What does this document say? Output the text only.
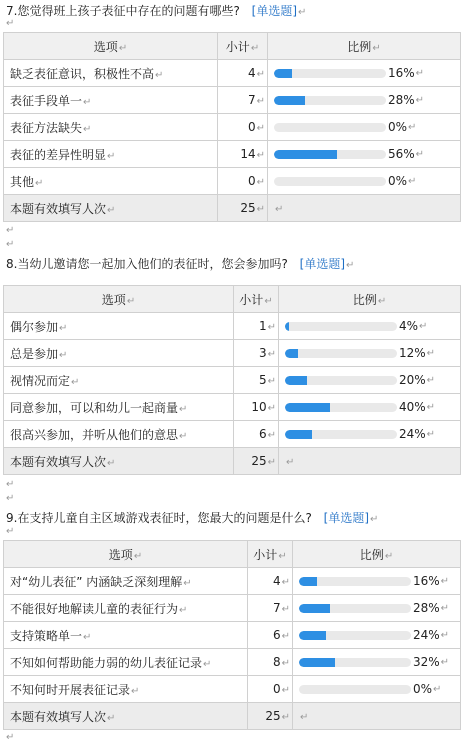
7.您觉得班上孩子表征中存在的问题有哪些? [单选题]↵
↵
选项↵	小计↵	比例↵
缺乏表征意识，积极性不高↵	4↵	16% ↵

表征手段单一↵	7↵	28% ↵

表征方法缺失↵	0↵	0% ↵

表征的差异性明显↵	14↵	56% ↵

其他↵	0↵	0% ↵

本题有效填写人次↵	25↵	↵
↵
↵
8.当幼儿邀请您一起加入他们的表征时，您会参加吗? [单选题]↵
选项↵	小计↵	比例↵
偶尔参加↵	1↵	4% ↵

总是参加↵	3↵	12% ↵

视情况而定↵	5↵	20% ↵

同意参加，可以和幼儿一起商量↵	10↵	40% ↵

很高兴参加，并听从他们的意思↵	6↵	24% ↵

本题有效填写人次↵	25↵	↵
↵
↵
9.在支持儿童自主区域游戏表征时，您最大的问题是什么? [单选题]↵
↵
选项↵	小计↵	比例↵
对“幼儿表征” 内涵缺乏深刻理解↵	4↵	16% ↵

不能很好地解读儿童的表征行为↵	7↵	28% ↵

支持策略单一↵	6↵	24% ↵

不知如何帮助能力弱的幼儿表征记录↵	8↵	32% ↵

不知何时开展表征记录↵	0↵	0% ↵

本题有效填写人次↵	25↵	↵
↵
